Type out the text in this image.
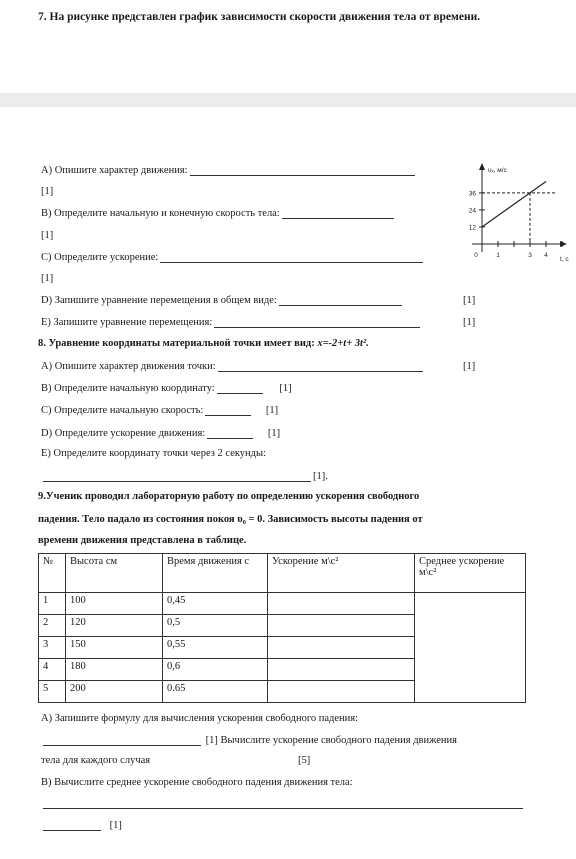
7. На рисунке представлен график зависимости скорости движения тела от времени.
A) Опишите характер движения:
[1]
B) Определите начальную и конечную скорость тела:
[1]
C) Определите ускорение:
[1]
D) Запишите уравнение перемещения в общем виде:	[1]
E) Запишите уравнение перемещения:	[1]
υₓ, м/с
t, c
36
24
12
0	1	3 4
8. Уравнение координаты материальной точки имеет вид: x=-2+t+ 3t².
A) Опишите характер движения точки:	[1]
B) Определите начальную координату:	[1]
C) Определите начальную скорость:	[1]
D) Определите ускорение движения:	[1]
E) Определите координату точки через 2 секунды:
[1].
9.Ученик проводил лабораторную работу по определению ускорения свободного
падения. Тело падало из состояния покоя υ₀ = 0. Зависимость высоты падения от
времени движения представлена в таблице.
№	Высота см	Время движения с	Ускорение м\с²	Среднее ускорение м\с²
1	100	0,45		
2	120	0,5		
3	150	0,55		
4	180	0,6		
5	200	0.65		
A) Запишите формулу для вычисления ускорения свободного падения:
[1] Вычислите ускорение свободного падения движения
тела для каждого случая	[5]
B) Вычислите среднее ускорение свободного падения движения тела:
[1]
